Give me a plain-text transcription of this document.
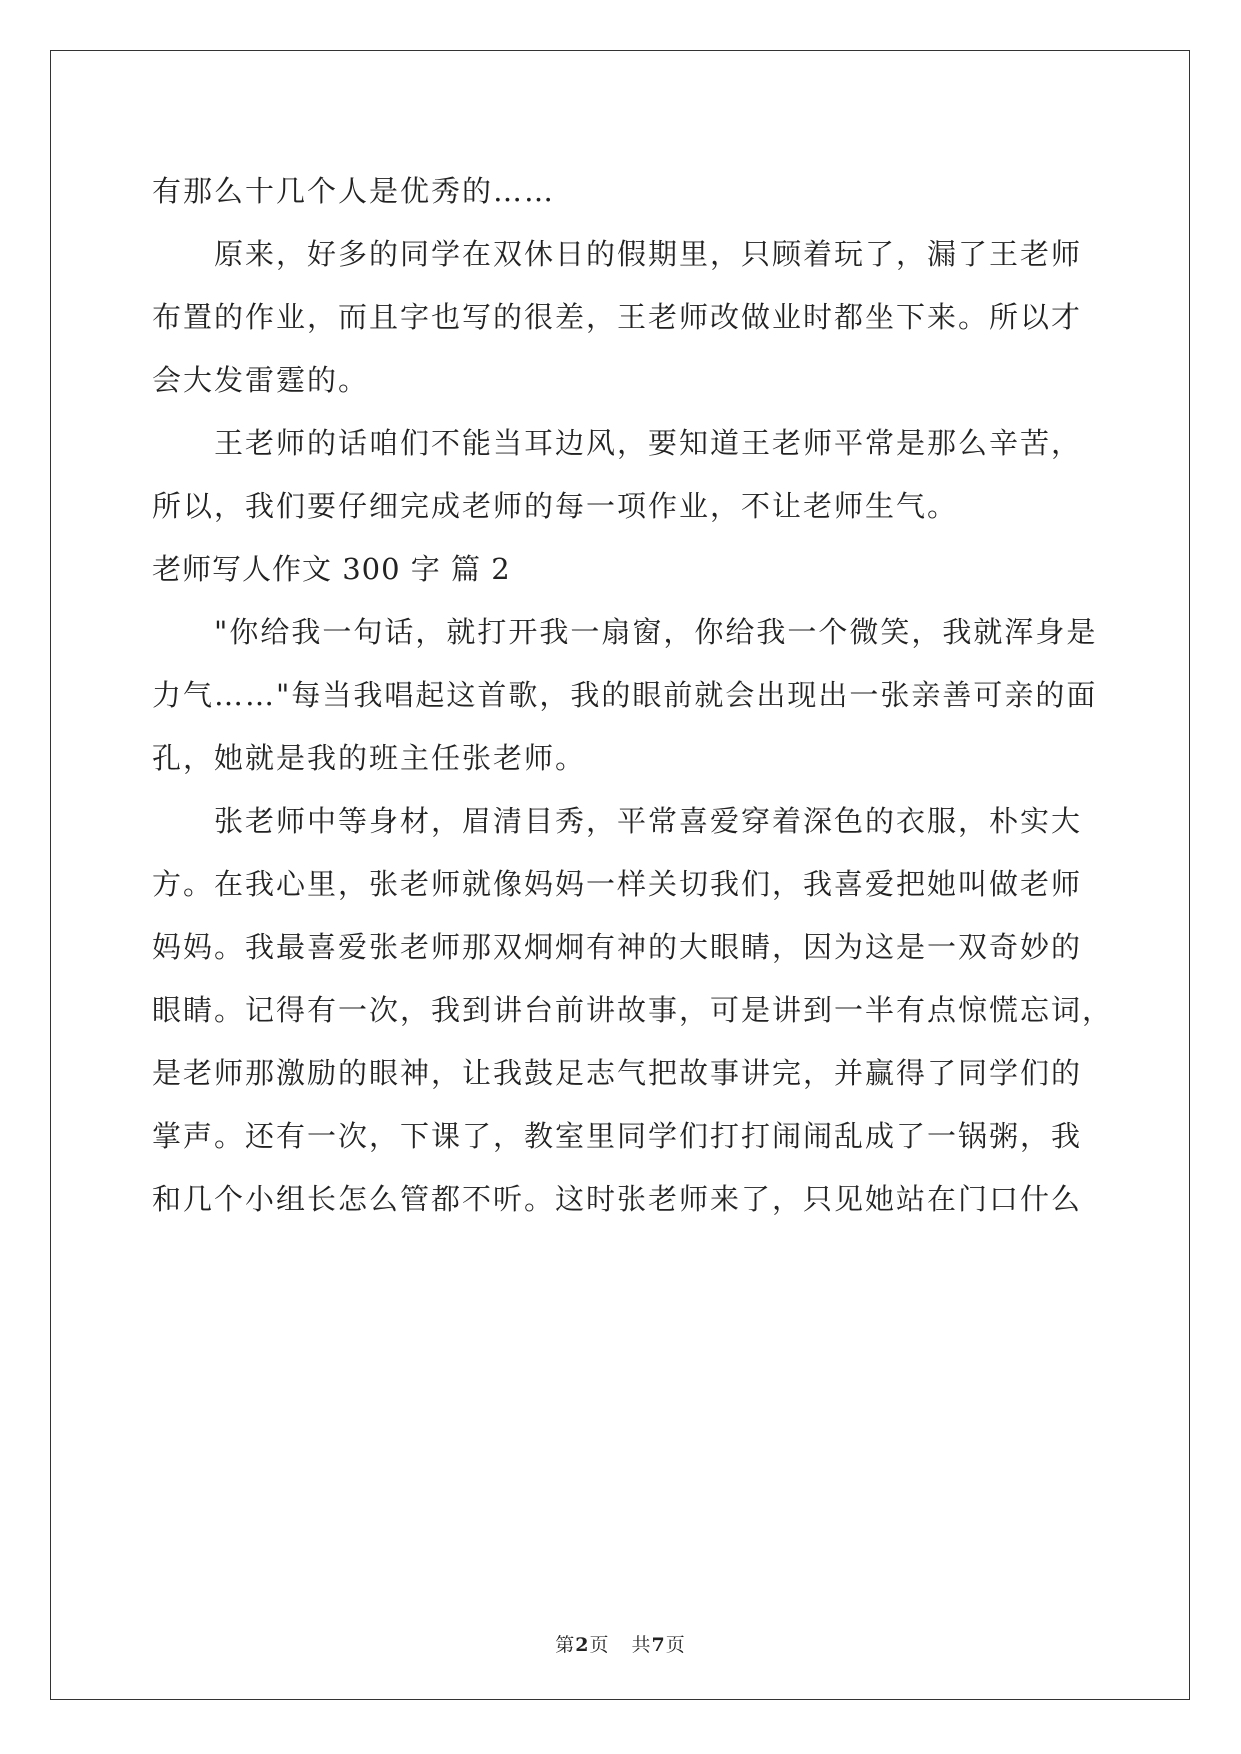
有那么十几个人是优秀的……
原来，好多的同学在双休日的假期里，只顾着玩了，漏了王老师
布置的作业，而且字也写的很差，王老师改做业时都坐下来。所以才
会大发雷霆的。
王老师的话咱们不能当耳边风，要知道王老师平常是那么辛苦，
所以，我们要仔细完成老师的每一项作业，不让老师生气。
老师写人作文 300 字 篇 2
"你给我一句话，就打开我一扇窗，你给我一个微笑，我就浑身是
力气……"每当我唱起这首歌，我的眼前就会出现出一张亲善可亲的面
孔，她就是我的班主任张老师。
张老师中等身材，眉清目秀，平常喜爱穿着深色的衣服，朴实大
方。在我心里，张老师就像妈妈一样关切我们，我喜爱把她叫做老师
妈妈。我最喜爱张老师那双炯炯有神的大眼睛，因为这是一双奇妙的
眼睛。记得有一次，我到讲台前讲故事，可是讲到一半有点惊慌忘词，
是老师那激励的眼神，让我鼓足志气把故事讲完，并赢得了同学们的
掌声。还有一次，下课了，教室里同学们打打闹闹乱成了一锅粥，我
和几个小组长怎么管都不听。这时张老师来了，只见她站在门口什么
第2页 共7页
